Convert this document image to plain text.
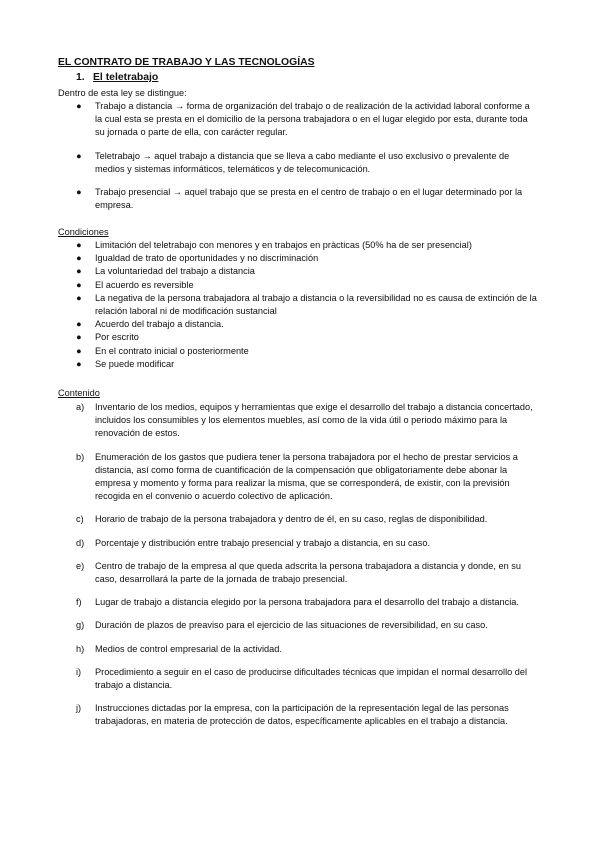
EL CONTRATO DE TRABAJO Y LAS TECNOLOGÍAS
1. El teletrabajo
Dentro de esta ley se distingue:
● Trabajo a distancia → forma de organización del trabajo o de realización de la actividad laboral conforme a la cual esta se presta en el domicilio de la persona trabajadora o en el lugar elegido por esta, durante toda su jornada o parte de ella, con carácter regular.
● Teletrabajo → aquel trabajo a distancia que se lleva a cabo mediante el uso exclusivo o prevalente de medios y sistemas informáticos, telemáticos y de telecomunicación.
● Trabajo presencial → aquel trabajo que se presta en el centro de trabajo o en el lugar determinado por la empresa.
Condiciones
● Limitación del teletrabajo con menores y en trabajos en pràcticas (50% ha de ser presencial)
● Igualdad de trato de oportunidades y no discriminación
● La voluntariedad del trabajo a distancia
● El acuerdo es reversible
● La negativa de la persona trabajadora al trabajo a distancia o la reversibilidad no es causa de extinción de la relación laboral ni de modificación sustancial
● Acuerdo del trabajo a distancia.
● Por escrito
● En el contrato inicial o posteriormente
● Se puede modificar
Contenido
a) Inventario de los medios, equipos y herramientas que exige el desarrollo del trabajo a distancia concertado, incluidos los consumibles y los elementos muebles, así como de la vida útil o periodo máximo para la renovación de estos.
b) Enumeración de los gastos que pudiera tener la persona trabajadora por el hecho de prestar servicios a distancia, así como forma de cuantificación de la compensación que obligatoriamente debe abonar la empresa y momento y forma para realizar la misma, que se corresponderá, de existir, con la previsión recogida en el convenio o acuerdo colectivo de aplicación.
c) Horario de trabajo de la persona trabajadora y dentro de él, en su caso, reglas de disponibilidad.
d) Porcentaje y distribución entre trabajo presencial y trabajo a distancia, en su caso.
e) Centro de trabajo de la empresa al que queda adscrita la persona trabajadora a distancia y donde, en su caso, desarrollará la parte de la jornada de trabajo presencial.
f) Lugar de trabajo a distancia elegido por la persona trabajadora para el desarrollo del trabajo a distancia.
g) Duración de plazos de preaviso para el ejercicio de las situaciones de reversibilidad, en su caso.
h) Medios de control empresarial de la actividad.
i) Procedimiento a seguir en el caso de producirse dificultades técnicas que impidan el normal desarrollo del trabajo a distancia.
j) Instrucciones dictadas por la empresa, con la participación de la representación legal de las personas trabajadoras, en materia de protección de datos, específicamente aplicables en el trabajo a distancia.
